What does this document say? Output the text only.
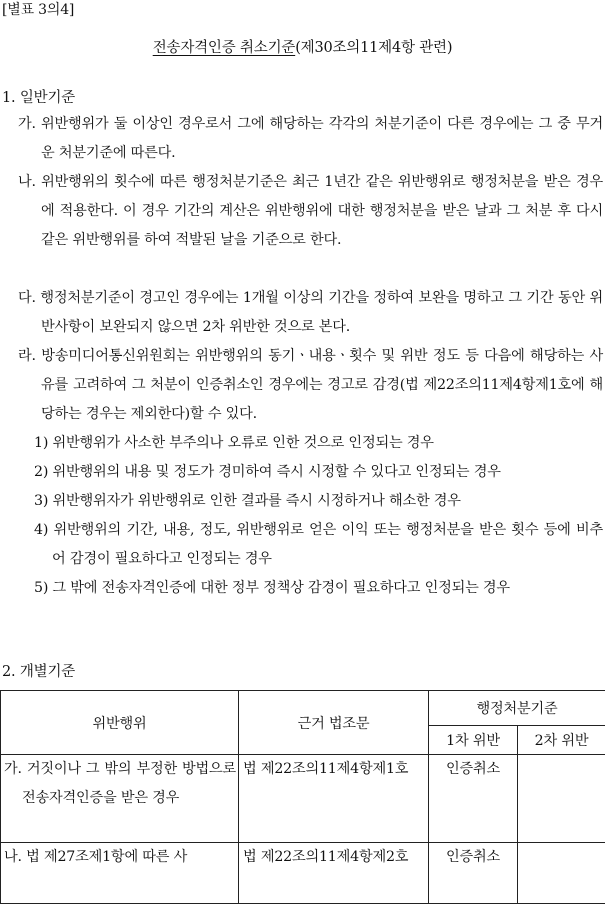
[별표 3의4]
전송자격인증 취소기준(제30조의11제4항 관련)
1. 일반기준
가. 위반행위가 둘 이상인 경우로서 그에 해당하는 각각의 처분기준이 다른 경우에는 그 중 무거운 처분기준에 따른다.
나. 위반행위의 횟수에 따른 행정처분기준은 최근 1년간 같은 위반행위로 행정처분을 받은 경우에 적용한다. 이 경우 기간의 계산은 위반행위에 대한 행정처분을 받은 날과 그 처분 후 다시 같은 위반행위를 하여 적발된 날을 기준으로 한다.
다. 행정처분기준이 경고인 경우에는 1개월 이상의 기간을 정하여 보완을 명하고 그 기간 동안 위반사항이 보완되지 않으면 2차 위반한 것으로 본다.
라. 방송미디어통신위원회는 위반행위의 동기ㆍ내용ㆍ횟수 및 위반 정도 등 다음에 해당하는 사유를 고려하여 그 처분이 인증취소인 경우에는 경고로 감경(법 제22조의11제4항제1호에 해당하는 경우는 제외한다)할 수 있다.
1) 위반행위가 사소한 부주의나 오류로 인한 것으로 인정되는 경우
2) 위반행위의 내용 및 정도가 경미하여 즉시 시정할 수 있다고 인정되는 경우
3) 위반행위자가 위반행위로 인한 결과를 즉시 시정하거나 해소한 경우
4) 위반행위의 기간, 내용, 정도, 위반행위로 얻은 이익 또는 행정처분을 받은 횟수 등에 비추어 감경이 필요하다고 인정되는 경우
5) 그 밖에 전송자격인증에 대한 정부 정책상 감경이 필요하다고 인정되는 경우
2. 개별기준
위반행위	근거 법조문	행정처분기준	
		1차 위반	2차 위반

가. 거짓이나 그 밖의 부정한 방법으로 전송자격인증을 받은 경우	법 제22조의11제4항제1호	인증취소	

나. 법 제27조제1항에 따른 사	법 제22조의11제4항제2호	인증취소	
